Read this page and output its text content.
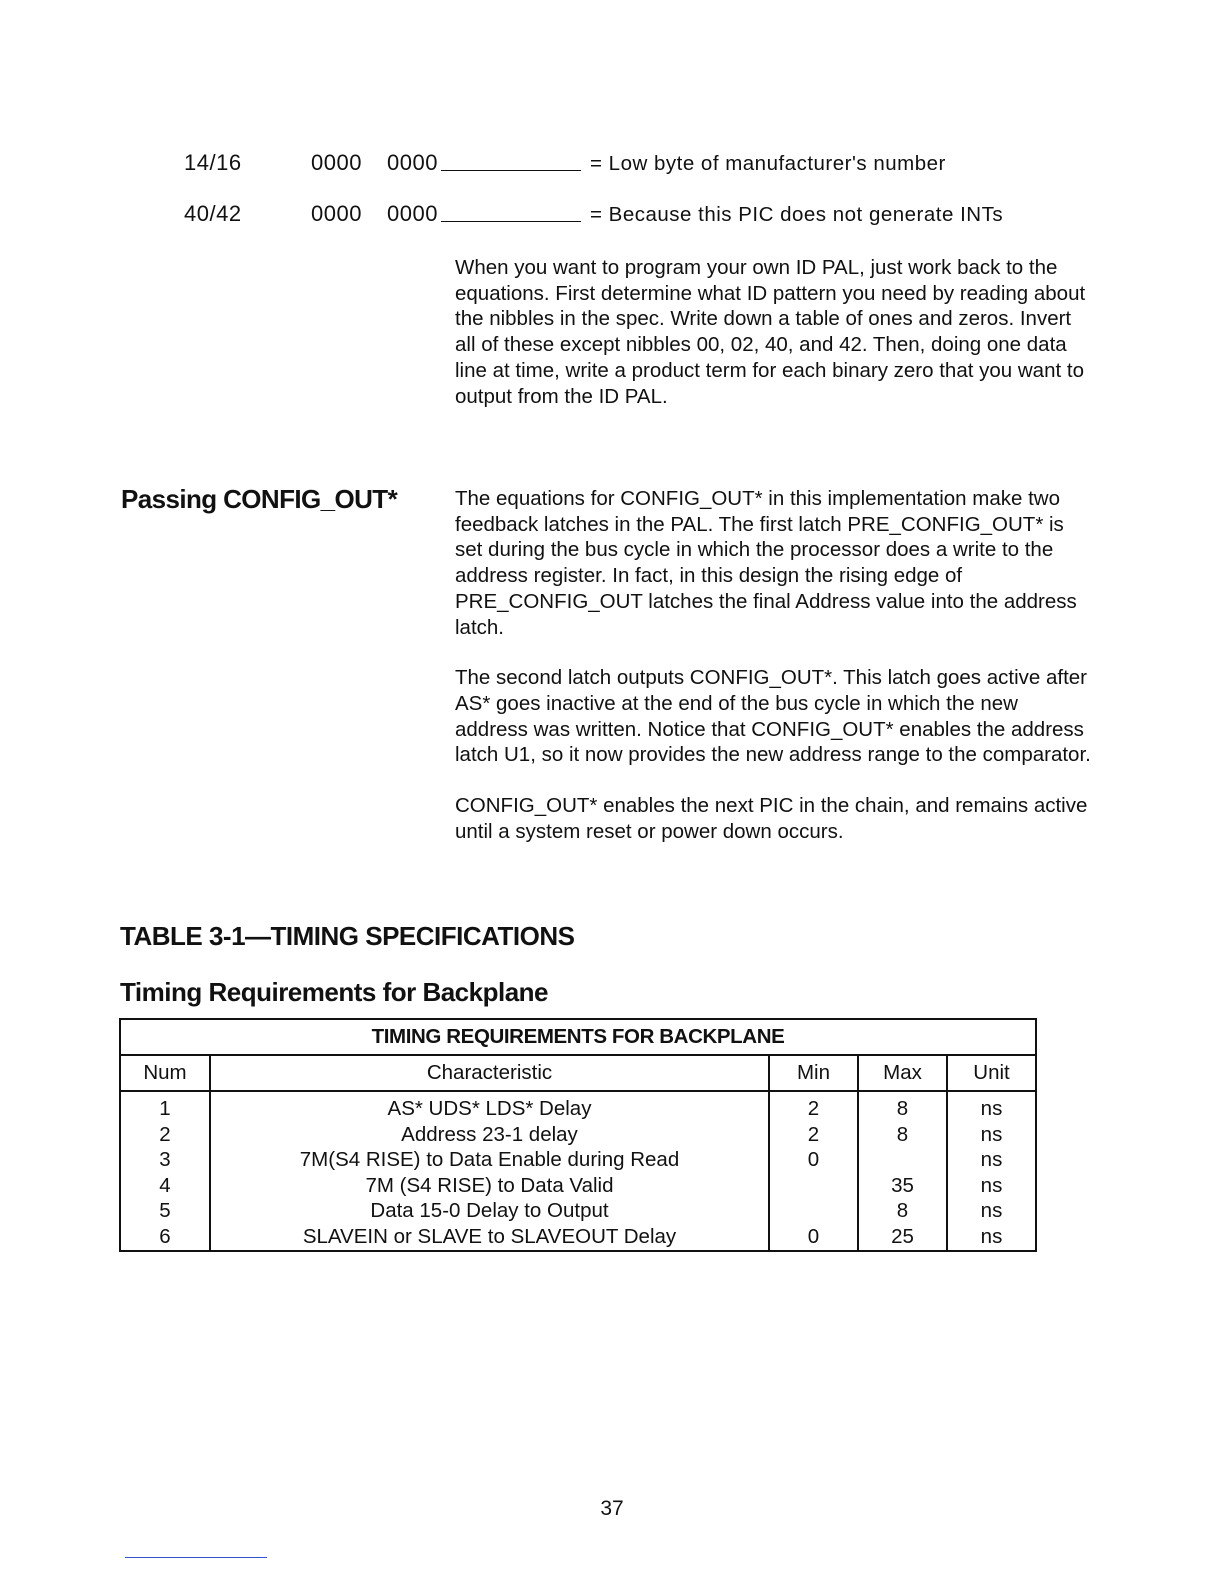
14/16	0000 0000	= Low byte of manufacturer's number
40/42	0000 0000	= Because this PIC does not generate INTs

When you want to program your own ID PAL, just work back to the equations. First determine what ID pattern you need by reading about the nibbles in the spec. Write down a table of ones and zeros. Invert all of these except nibbles 00, 02, 40, and 42. Then, doing one data line at time, write a product term for each binary zero that you want to output from the ID PAL.

Passing CONFIG_OUT*	The equations for CONFIG_OUT* in this implementation make two feedback latches in the PAL. The first latch PRE_CONFIG_OUT* is set during the bus cycle in which the processor does a write to the address register. In fact, in this design the rising edge of PRE_CONFIG_OUT latches the final Address value into the address latch.

The second latch outputs CONFIG_OUT*. This latch goes active after AS* goes inactive at the end of the bus cycle in which the new address was written. Notice that CONFIG_OUT* enables the address latch U1, so it now provides the new address range to the comparator.

CONFIG_OUT* enables the next PIC in the chain, and remains active until a system reset or power down occurs.

TABLE 3-1—TIMING SPECIFICATIONS
Timing Requirements for Backplane
TIMING REQUIREMENTS FOR BACKPLANE				
Num	Characteristic	Min	Max	Unit
1	AS* UDS* LDS* Delay	2	8	ns
2	Address 23-1 delay	2	8	ns
3	7M(S4 RISE) to Data Enable during Read	0		ns
4	7M (S4 RISE) to Data Valid		35	ns
5	Data 15-0 Delay to Output		8	ns
6	SLAVEIN or SLAVE to SLAVEOUT Delay	0	25	ns
37
